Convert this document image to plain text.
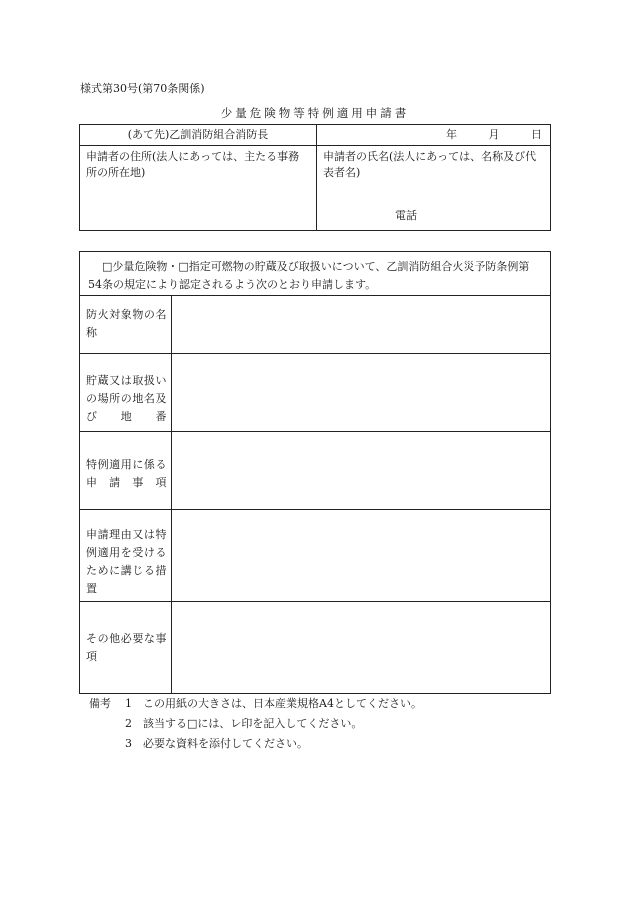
様式第30号(第70条関係)
少量危険物等特例適用申請書
(あて先)乙訓消防組合消防長	年 月 日

申請者の住所(法人にあっては、主たる事務所の所在地)	申請者の氏名(法人にあっては、名称及び代表者名)
電話
□少量危険物・□指定可燃物の貯蔵及び取扱いについて、乙訓消防組合火災予防条例第54条の規定により認定されるよう次のとおり申請します。	

防火対象物の名称	
貯蔵又は取扱いの場所の地名及び地番	
特例適用に係る申請事項	
申請理由又は特例適用を受けるために講じる措置	
その他必要な事項	
備考	1	この用紙の大きさは、日本産業規格A4としてください。
2	該当する□には、レ印を記入してください。
3	必要な資料を添付してください。
